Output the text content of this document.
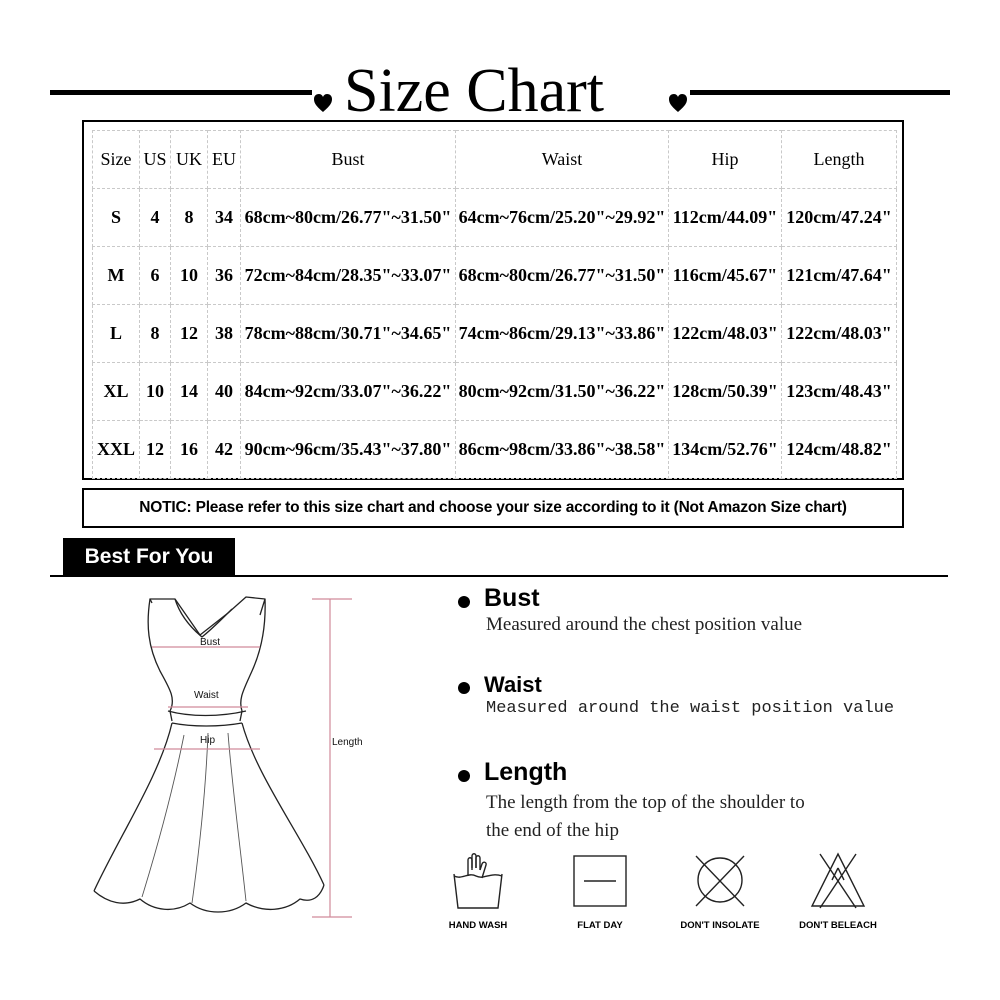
Size Chart
Size	US	UK	EU	Bust	Waist	Hip	Length
S	4	8	34	68cm~80cm/26.77"~31.50"	64cm~76cm/25.20"~29.92"	112cm/44.09"	120cm/47.24"
M	6	10	36	72cm~84cm/28.35"~33.07"	68cm~80cm/26.77"~31.50"	116cm/45.67"	121cm/47.64"
L	8	12	38	78cm~88cm/30.71"~34.65"	74cm~86cm/29.13"~33.86"	122cm/48.03"	122cm/48.03"
XL	10	14	40	84cm~92cm/33.07"~36.22"	80cm~92cm/31.50"~36.22"	128cm/50.39"	123cm/48.43"
XXL	12	16	42	90cm~96cm/35.43"~37.80"	86cm~98cm/33.86"~38.58"	134cm/52.76"	124cm/48.82"
NOTIC: Please refer to this size chart and choose your size according to it (Not Amazon Size chart)
Best For You
Bust
Waist
Hip	Length
Bust
Measured around the chest position value
Waist
Measured around the waist position value
Length
The length from the top of the shoulder to
the end of the hip
HAND WASH	FLAT DAY	DON'T INSOLATE	DON'T BELEACH
